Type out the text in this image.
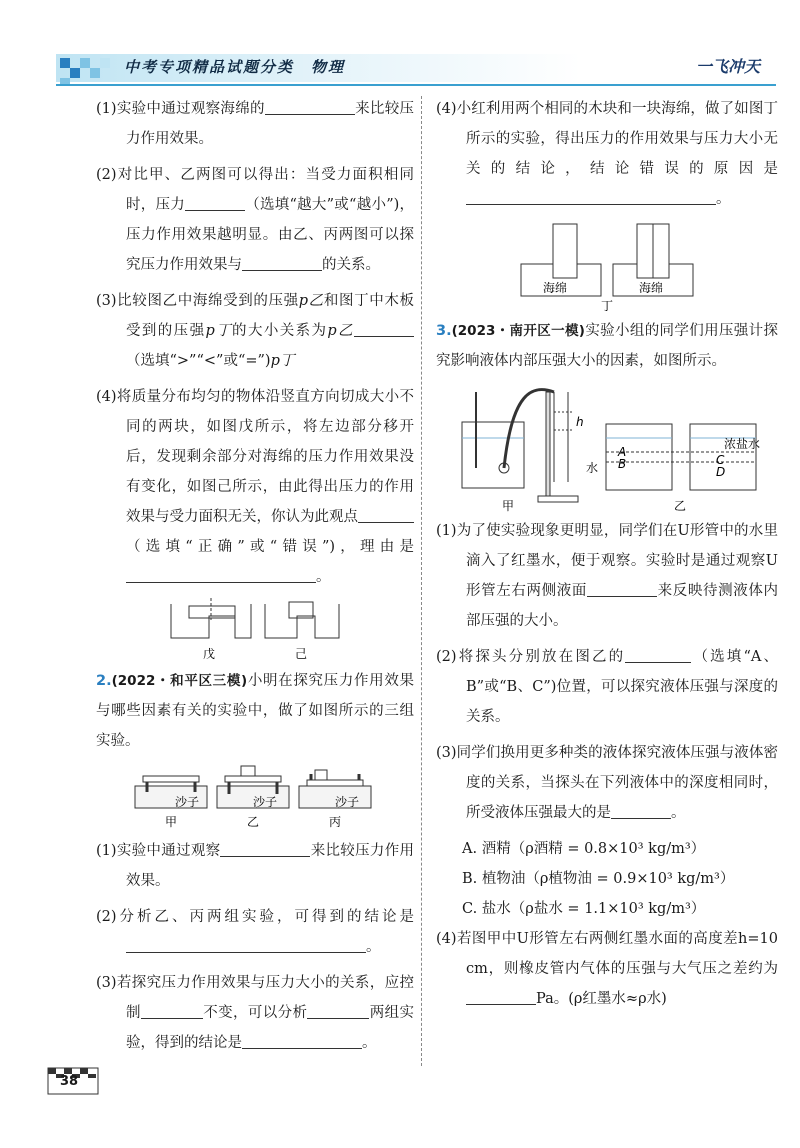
中考专项精品试题分类　物理	一飞冲天

(1)实验中通过观察海绵的	来比较压力作用效果。

(2)对比甲、乙两图可以得出：当受力面积相同时，压力	（选填“越大”或“越小”)，压力作用效果越明显。由乙、丙两图可以探究压力作用效果与	的关系。

(3)比较图乙中海绵受到的压强p乙和图丁中木板受到的压强p丁的大小关系为p乙（选填“>”“<”或“=”)p丁

(4)将质量分布均匀的物体沿竖直方向切成大小不同的两块，如图戊所示，将左边部分移开后，发现剩余部分对海绵的压力作用效果没有变化，如图己所示，由此得出压力的作用效果与受力面积无关，你认为此观点（选填“正确”或“错误”)，理由是。

戊	己

2.(2022・和平区三模)小明在探究压力作用效果与哪些因素有关的实验中，做了如图所示的三组实验。

沙子	沙子	沙子
甲	乙	丙

(1)实验中通过观察	来比较压力作用效果。

(2)分析乙、丙两组实验，可得到的结论是。

(3)若探究压力作用效果与压力大小的关系，应控制	不变，可以分析	两组实验，得到的结论是	。

(4)小红利用两个相同的木块和一块海绵，做了如图丁所示的实验，得出压力的作用效果与压力大小无关的结论，结论错误的原因是。

海绵	海绵
丁

3.(2023・南开区一模)实验小组的同学们用压强计探究影响液体内部压强大小的因素，如图所示。

h
A
B	C
D
水
浓盐水
甲	乙

(1)为了使实验现象更明显，同学们在U形管中的水里滴入了红墨水，便于观察。实验时是通过观察U形管左右两侧液面	来反映待测液体内部压强的大小。

(2)将探头分别放在图乙的	（选填“A、B”或“B、C”)位置，可以探究液体压强与深度的关系。

(3)同学们换用更多种类的液体探究液体压强与液体密度的关系，当探头在下列液体中的深度相同时，所受液体压强最大的是	。

A. 酒精（ρ酒精 = 0.8×10³ kg/m³）
B. 植物油（ρ植物油 = 0.9×10³ kg/m³）
C. 盐水（ρ盐水 = 1.1×10³ kg/m³）

(4)若图甲中U形管左右两侧红墨水面的高度差h=10 cm，则橡皮管内气体的压强与大气压之差约为Pa。(ρ红墨水≈ρ水)

38
